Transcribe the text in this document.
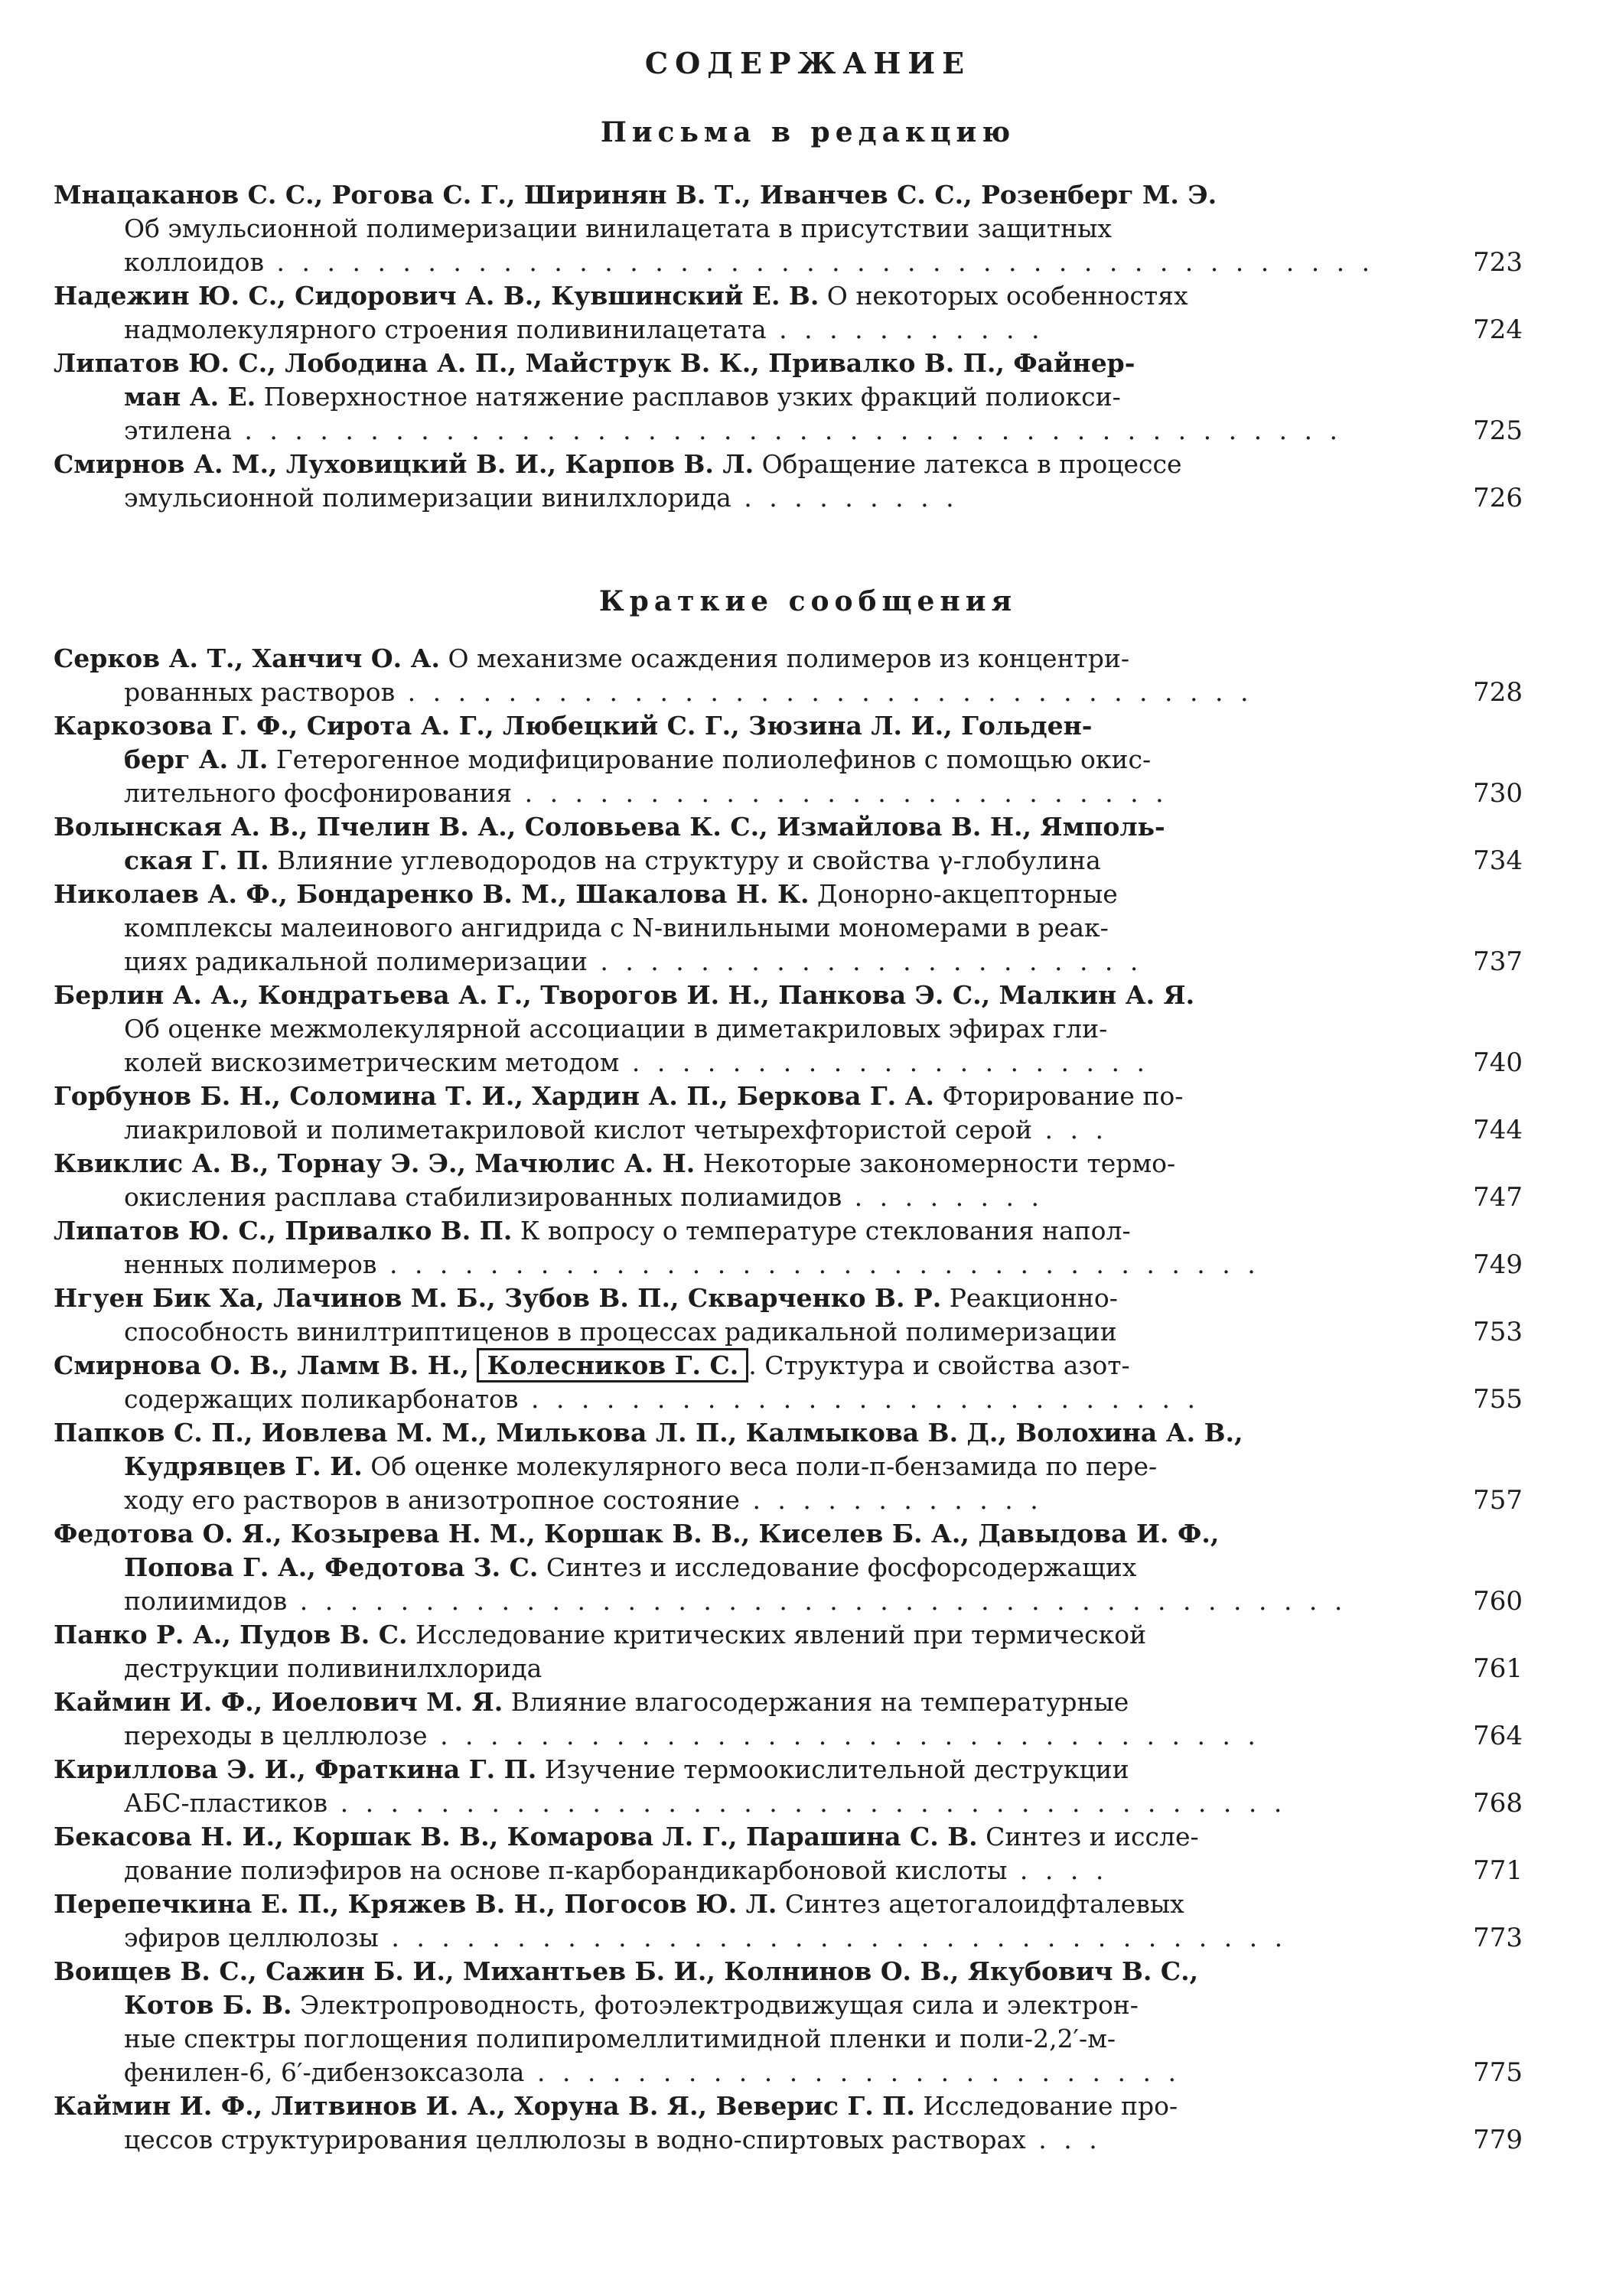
СОДЕРЖАНИЕ
Письма в редакцию

Мнацаканов С. С., Рогова С. Г., Ширинян В. Т., Иванчев С. С., Розенберг М. Э.

Об эмульсионной полимеризации винилацетата в присутствии защитных

коллоидов . . . . . . . . . . . . . . . . . . . . . . . . . . . . . . . . . . . . . . . . . . . .	723

Надежин Ю. С., Сидорович А. В., Кувшинский Е. В. О некоторых особенностях

надмолекулярного строения поливинилацетата . . . . . . . . . . .	724

Липатов Ю. С., Лободина А. П., Майструк В. К., Привалко В. П., Файнер-

ман А. Е. Поверхностное натяжение расплавов узких фракций полиокси-

этилена . . . . . . . . . . . . . . . . . . . . . . . . . . . . . . . . . . . . . . . . . . . .	725

Смирнов А. М., Луховицкий В. И., Карпов В. Л. Обращение латекса в процессе

эмульсионной полимеризации винилхлорида . . . . . . . . .	726
Краткие сообщения

Серков А. Т., Ханчич О. А. О механизме осаждения полимеров из концентри-

рованных растворов . . . . . . . . . . . . . . . . . . . . . . . . . . . . . . . . . .	728

Каркозова Г. Ф., Сирота А. Г., Любецкий С. Г., Зюзина Л. И., Гольден-

берг А. Л. Гетерогенное модифицирование полиолефинов с помощью окис-

лительного фосфонирования . . . . . . . . . . . . . . . . . . . . . . . . . .	730

Волынская А. В., Пчелин В. А., Соловьева К. С., Измайлова В. Н., Ямполь-

ская Г. П. Влияние углеводородов на структуру и свойства γ-глобулина	734

Николаев А. Ф., Бондаренко В. М., Шакалова Н. К. Донорно-акцепторные

комплексы малеинового ангидрида с N-винильными мономерами в реак-

циях радикальной полимеризации . . . . . . . . . . . . . . . . . . . . . .	737

Берлин А. А., Кондратьева А. Г., Творогов И. Н., Панкова Э. С., Малкин А. Я.

Об оценке межмолекулярной ассоциации в диметакриловых эфирах гли-

колей вискозиметрическим методом . . . . . . . . . . . . . . . . . . . . .	740

Горбунов Б. Н., Соломина Т. И., Хардин А. П., Беркова Г. А. Фторирование по-

лиакриловой и полиметакриловой кислот четырехфтористой серой . . .	744

Квиклис А. В., Торнау Э. Э., Мачюлис А. Н. Некоторые закономерности термо-

окисления расплава стабилизированных полиамидов . . . . . . . .	747

Липатов Ю. С., Привалко В. П. К вопросу о температуре стеклования напол-

ненных полимеров . . . . . . . . . . . . . . . . . . . . . . . . . . . . . . . . . . .	749

Нгуен Бик Ха, Лачинов М. Б., Зубов В. П., Скварченко В. Р. Реакционно-

способность винилтриптиценов в процессах радикальной полимеризации	753

Смирнова О. В., Ламм В. Н., Колесников Г. С. . Структура и свойства азот-

содержащих поликарбонатов . . . . . . . . . . . . . . . . . . . . . . . . . . .	755

Папков С. П., Иовлева М. М., Милькова Л. П., Калмыкова В. Д., Волохина А. В.,

Кудрявцев Г. И. Об оценке молекулярного веса поли-п-бензамида по пере-

ходу его растворов в анизотропное состояние . . . . . . . . . . . .	757

Федотова О. Я., Козырева Н. М., Коршак В. В., Киселев Б. А., Давыдова И. Ф.,

Попова Г. А., Федотова З. С. Синтез и исследование фосфорсодержащих

полиимидов . . . . . . . . . . . . . . . . . . . . . . . . . . . . . . . . . . . . . . . . . .	760

Панко Р. А., Пудов В. С. Исследование критических явлений при термической

деструкции поливинилхлорида	761

Каймин И. Ф., Иоелович М. Я. Влияние влагосодержания на температурные

переходы в целлюлозе . . . . . . . . . . . . . . . . . . . . . . . . . . . . . . . . .	764

Кириллова Э. И., Фраткина Г. П. Изучение термоокислительной деструкции

АБС-пластиков . . . . . . . . . . . . . . . . . . . . . . . . . . . . . . . . . . . . . .	768

Бекасова Н. И., Коршак В. В., Комарова Л. Г., Парашина С. В. Синтез и иссле-

дование полиэфиров на основе п-карборандикарбоновой кислоты . . . .	771

Перепечкина Е. П., Кряжев В. Н., Погосов Ю. Л. Синтез ацетогалоидфталевых

эфиров целлюлозы . . . . . . . . . . . . . . . . . . . . . . . . . . . . . . . . . . . .	773

Воищев В. С., Сажин Б. И., Михантьев Б. И., Колнинов О. В., Якубович В. С.,

Котов Б. В. Электропроводность, фотоэлектродвижущая сила и электрон-

ные спектры поглощения полипиромеллитимидной пленки и поли-2,2′-м-

фенилен-6, 6′-дибензоксазола . . . . . . . . . . . . . . . . . . . . . . . . . .	775

Каймин И. Ф., Литвинов И. А., Хоруна В. Я., Веверис Г. П. Исследование про-

цессов структурирования целлюлозы в водно-спиртовых растворах . . .	779
